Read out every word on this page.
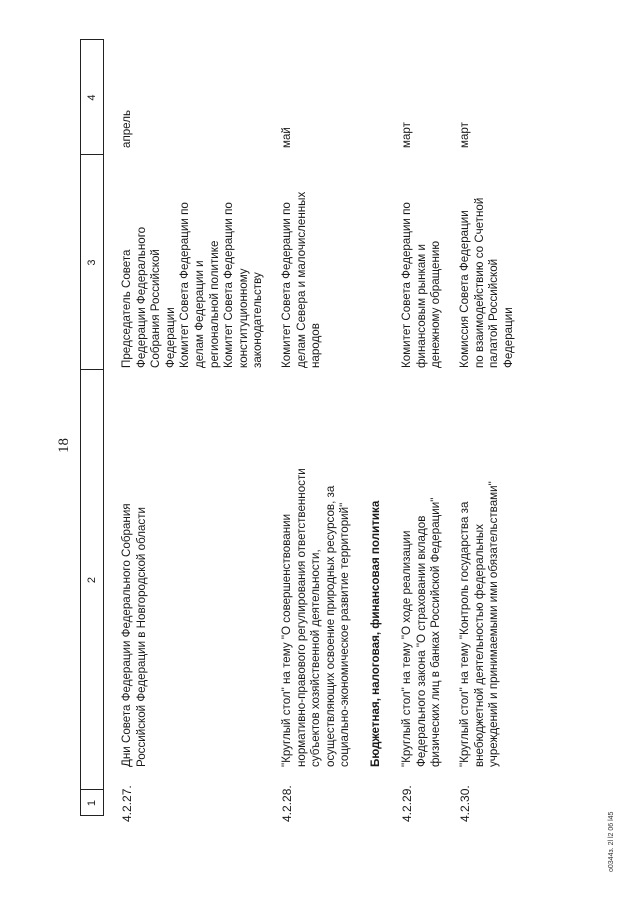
18
1
2
3
4
4.2.27.
Дни Совета Федерации Федерального Собрания
Российской Федерации в Новгородской области
Председатель Совета
Федерации Федерального
Собрания Российской
Федерации
Комитет Совета Федерации по
делам Федерации и
региональной политике
Комитет Совета Федерации по
конституционному
законодательству
апрель
4.2.28.
"Круглый стол" на тему "О совершенствовании
нормативно-правового регулирования ответственности
субъектов хозяйственной деятельности,
осуществляющих освоение природных ресурсов, за
социально-экономическое развитие территорий"
Комитет Совета Федерации по
делам Севера и малочисленных
народов
май
Бюджетная, налоговая, финансовая политика
4.2.29.
"Круглый стол" на тему "О ходе реализации
Федерального закона "О страховании вкладов
физических лиц в банках Российской Федерации"
Комитет Совета Федерации по
финансовым рынкам и
денежному обращению
март
4.2.30.
"Круглый стол" на тему "Контроль государства за
внебюджетной деятельностью федеральных
учреждений и принимаемыми ими обязательствами"
Комиссия Совета Федерации
по взаимодействию со Счетной
палатой Российской
Федерации
март
о0344з. 2l l2 06 l45
